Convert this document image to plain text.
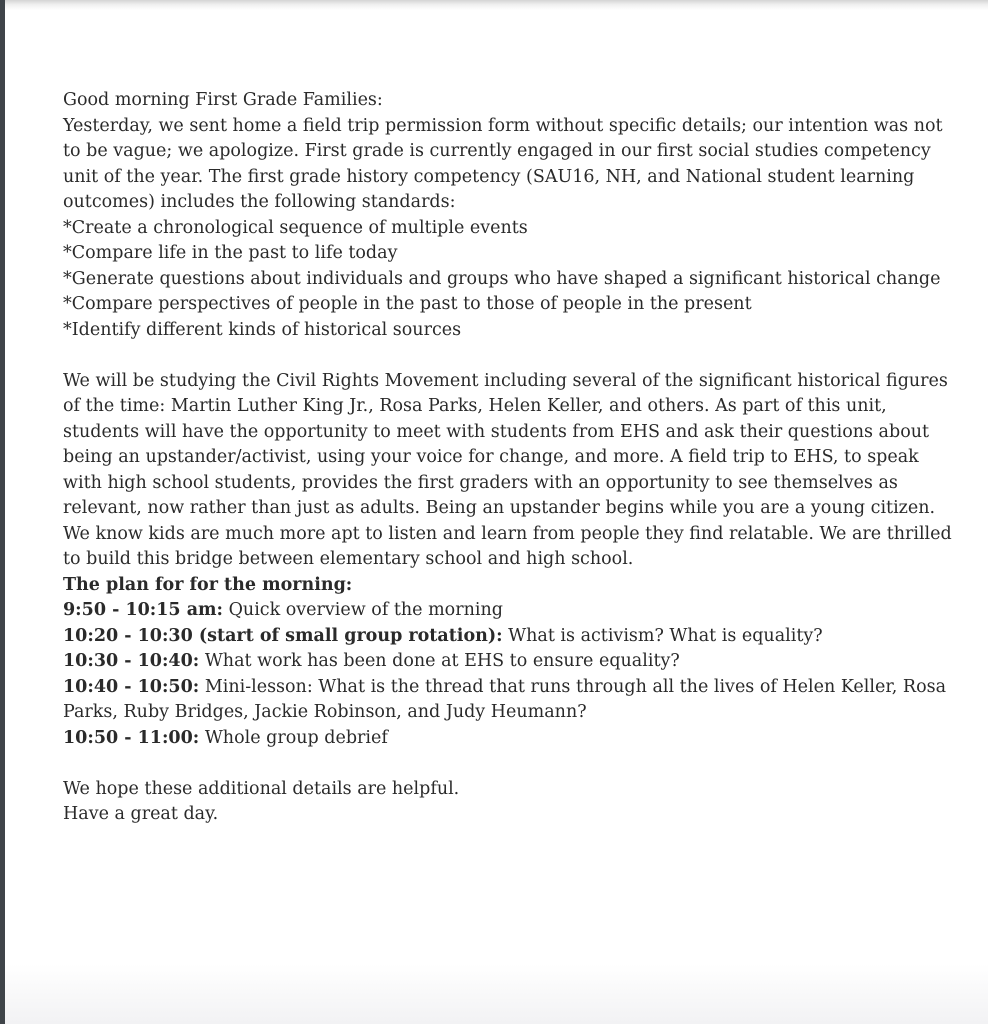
Good morning First Grade Families:

Yesterday, we sent home a field trip permission form without specific details; our intention was not to be vague; we apologize. First grade is currently engaged in our first social studies competency unit of the year. The first grade history competency (SAU16, NH, and National student learning outcomes) includes the following standards:

*Create a chronological sequence of multiple events

*Compare life in the past to life today

*Generate questions about individuals and groups who have shaped a significant historical change

*Compare perspectives of people in the past to those of people in the present

*Identify different kinds of historical sources

We will be studying the Civil Rights Movement including several of the significant historical figures of the time: Martin Luther King Jr., Rosa Parks, Helen Keller, and others. As part of this unit, students will have the opportunity to meet with students from EHS and ask their questions about being an upstander/activist, using your voice for change, and more. A field trip to EHS, to speak with high school students, provides the first graders with an opportunity to see themselves as relevant, now rather than just as adults. Being an upstander begins while you are a young citizen.

We know kids are much more apt to listen and learn from people they find relatable. We are thrilled to build this bridge between elementary school and high school.

The plan for for the morning:

9:50 - 10:15 am: Quick overview of the morning

10:20 - 10:30 (start of small group rotation): What is activism? What is equality?

10:30 - 10:40: What work has been done at EHS to ensure equality?

10:40 - 10:50: Mini-lesson: What is the thread that runs through all the lives of Helen Keller, Rosa Parks, Ruby Bridges, Jackie Robinson, and Judy Heumann?

10:50 - 11:00: Whole group debrief

We hope these additional details are helpful.

Have a great day.
